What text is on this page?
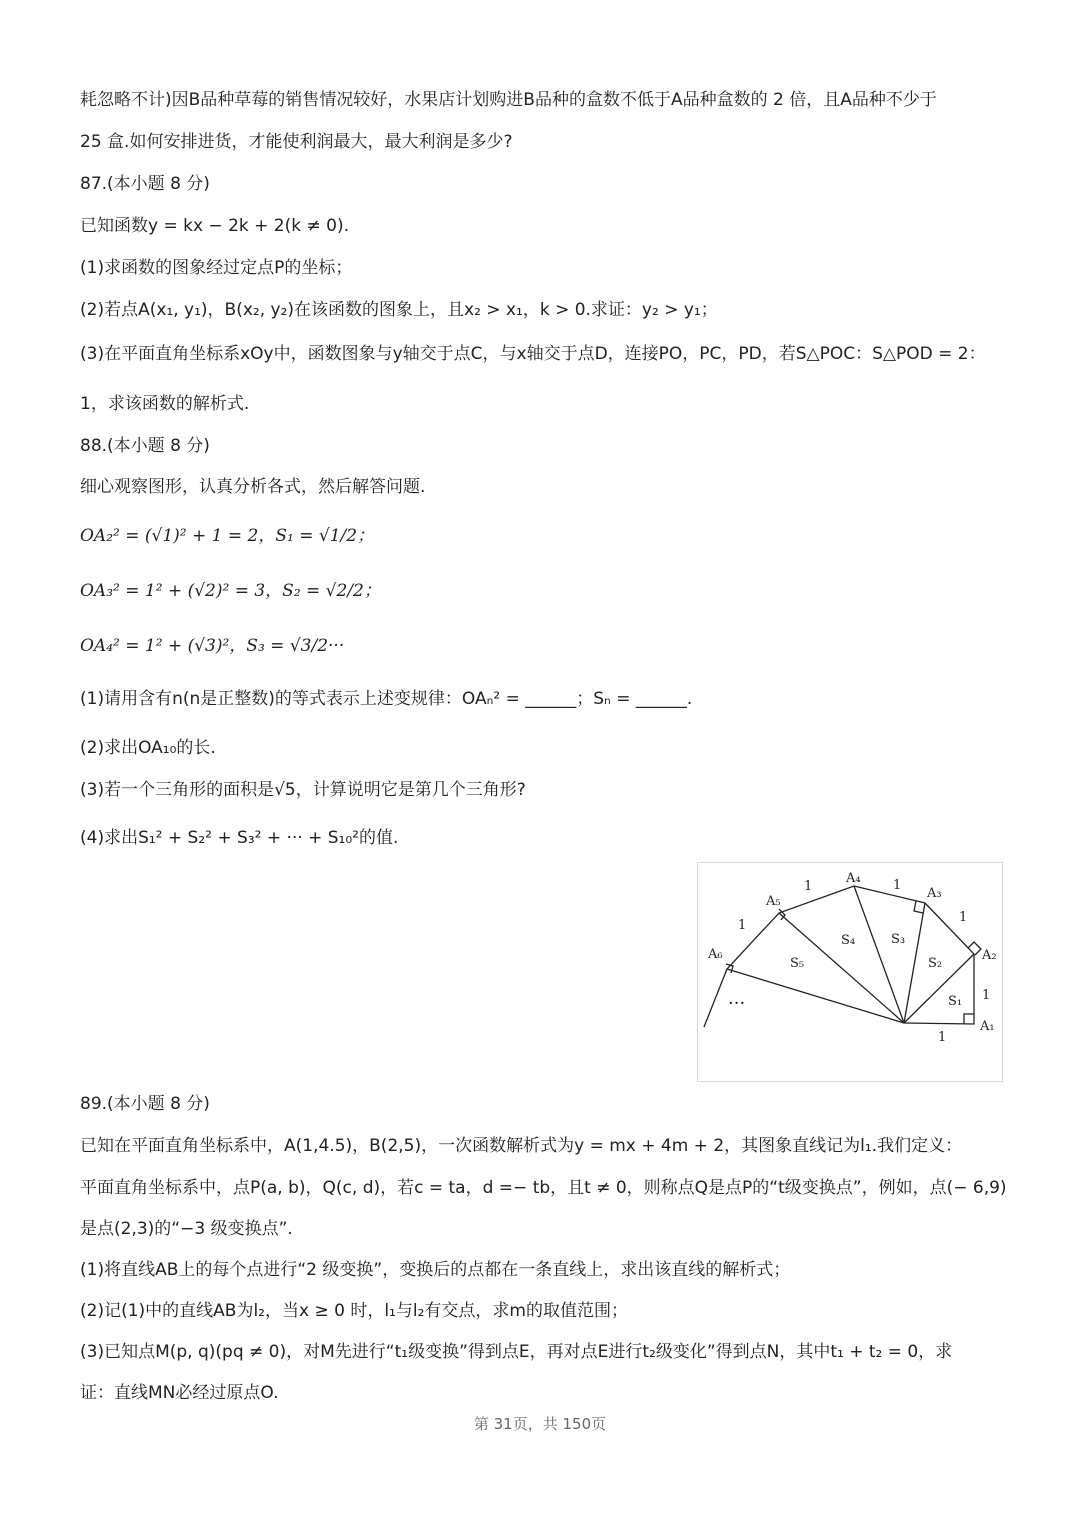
耗忽略不计)因B品种草莓的销售情况较好，水果店计划购进B品种的盒数不低于A品种盒数的 2 倍，且A品种不少于
25 盒.如何安排进货，才能使利润最大，最大利润是多少?
87.(本小题 8 分)
已知函数y = kx − 2k + 2(k ≠ 0).
(1)求函数的图象经过定点P的坐标；
(2)若点A(x₁, y₁)，B(x₂, y₂)在该函数的图象上，且x₂ > x₁，k > 0.求证：y₂ > y₁；
(3)在平面直角坐标系xOy中，函数图象与y轴交于点C，与x轴交于点D，连接PO，PC，PD，若S△POC：S△POD = 2：
1，求该函数的解析式.
88.(本小题 8 分)
细心观察图形，认真分析各式，然后解答问题.
OA₂² = (√1)² + 1 = 2，S₁ = √1/2；
OA₃² = 1² + (√2)² = 3，S₂ = √2/2；
OA₄² = 1² + (√3)²，S₃ = √3/2···
(1)请用含有n(n是正整数)的等式表示上述变规律：OAₙ² = ______；Sₙ = ______.
(2)求出OA₁₀的长.
(3)若一个三角形的面积是√5，计算说明它是第几个三角形?
(4)求出S₁² + S₂² + S₃² + ··· + S₁₀²的值.
A₁
A₂
A₃
A₄
A₅
A₆
S₁
S₂
S₃
S₄
S₅
1
1
1
1
1
1
···
89.(本小题 8 分)
已知在平面直角坐标系中，A(1,4.5)，B(2,5)，一次函数解析式为y = mx + 4m + 2，其图象直线记为l₁.我们定义：
平面直角坐标系中，点P(a, b)，Q(c, d)，若c = ta，d =− tb，且t ≠ 0，则称点Q是点P的“t级变换点”，例如，点(− 6,9)
是点(2,3)的“−3 级变换点”.
(1)将直线AB上的每个点进行“2 级变换”，变换后的点都在一条直线上，求出该直线的解析式；
(2)记(1)中的直线AB为l₂，当x ≥ 0 时，l₁与l₂有交点，求m的取值范围；
(3)已知点M(p, q)(pq ≠ 0)，对M先进行“t₁级变换”得到点E，再对点E进行t₂级变化”得到点N，其中t₁ + t₂ = 0，求
证：直线MN必经过原点O.
第 31页，共 150页
